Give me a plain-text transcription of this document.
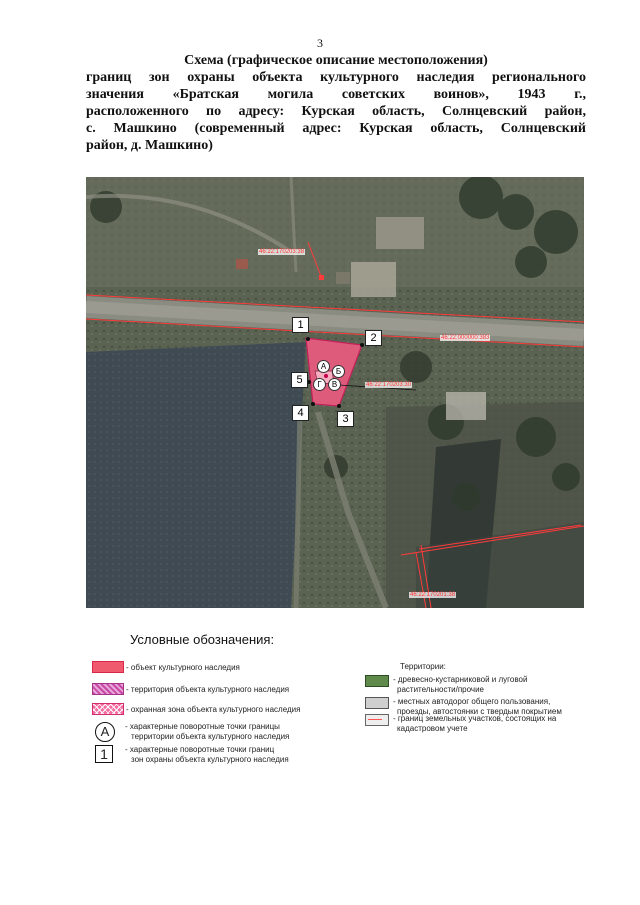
3
Схема (графическое описание местоположения)
границ зон охраны объекта культурного наследия регионального
значения «Братская могила советских воинов», 1943 г.,
расположенного по адресу: Курская область, Солнцевский район,
с. Машкино (современный адрес: Курская область, Солнцевский
район, д. Машкино)
46:22:170203:38
46:22:000000:383
46:22:170203:30
46:22:170201:38
1
2
3
4
5
А
Б
В
Г
Условные обозначения:
- объект культурного наследия
- территория объекта культурного наследия
- охранная зона объекта культурного наследия
А	- характерные поворотные точки границы
территории объекта культурного наследия
1	- характерные поворотные точки границ
зон охраны объекта культурного наследия
Территории:
- древесно-кустарниковой и луговой
растительности/прочие
- местных автодорог общего пользования,
проезды, автостоянки с твердым покрытием
- границ земельных участков, состоящих на
кадастровом учете
